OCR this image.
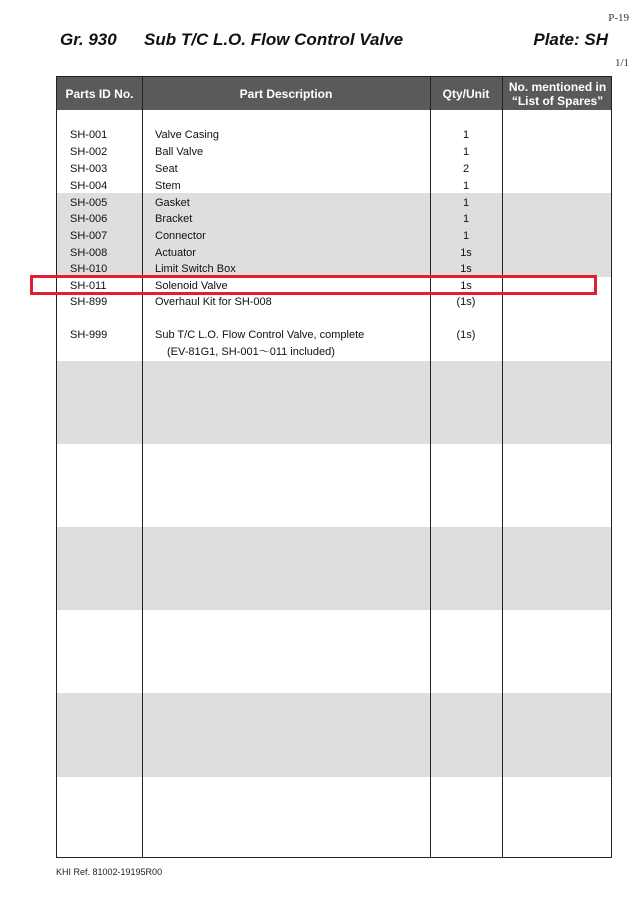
P-19
Gr. 930 Sub T/C L.O. Flow Control Valve	Plate: SH
1/1
Parts ID No.	Part Description	Qty/Unit	No. mentioned in “List of Spares”
SH-001	Valve Casing	1
SH-002	Ball Valve	1
SH-003	Seat	2
SH-004	Stem	1
SH-005	Gasket	1
SH-006	Bracket	1
SH-007	Connector	1
SH-008	Actuator	1s
SH-010	Limit Switch Box	1s
SH-011	Solenoid Valve	1s
SH-899	Overhaul Kit for SH-008	(1s)
SH-999	Sub T/C L.O. Flow Control Valve, complete	(1s)
(EV-81G1, SH-001～011 included)
KHI Ref. 81002-19195R00
